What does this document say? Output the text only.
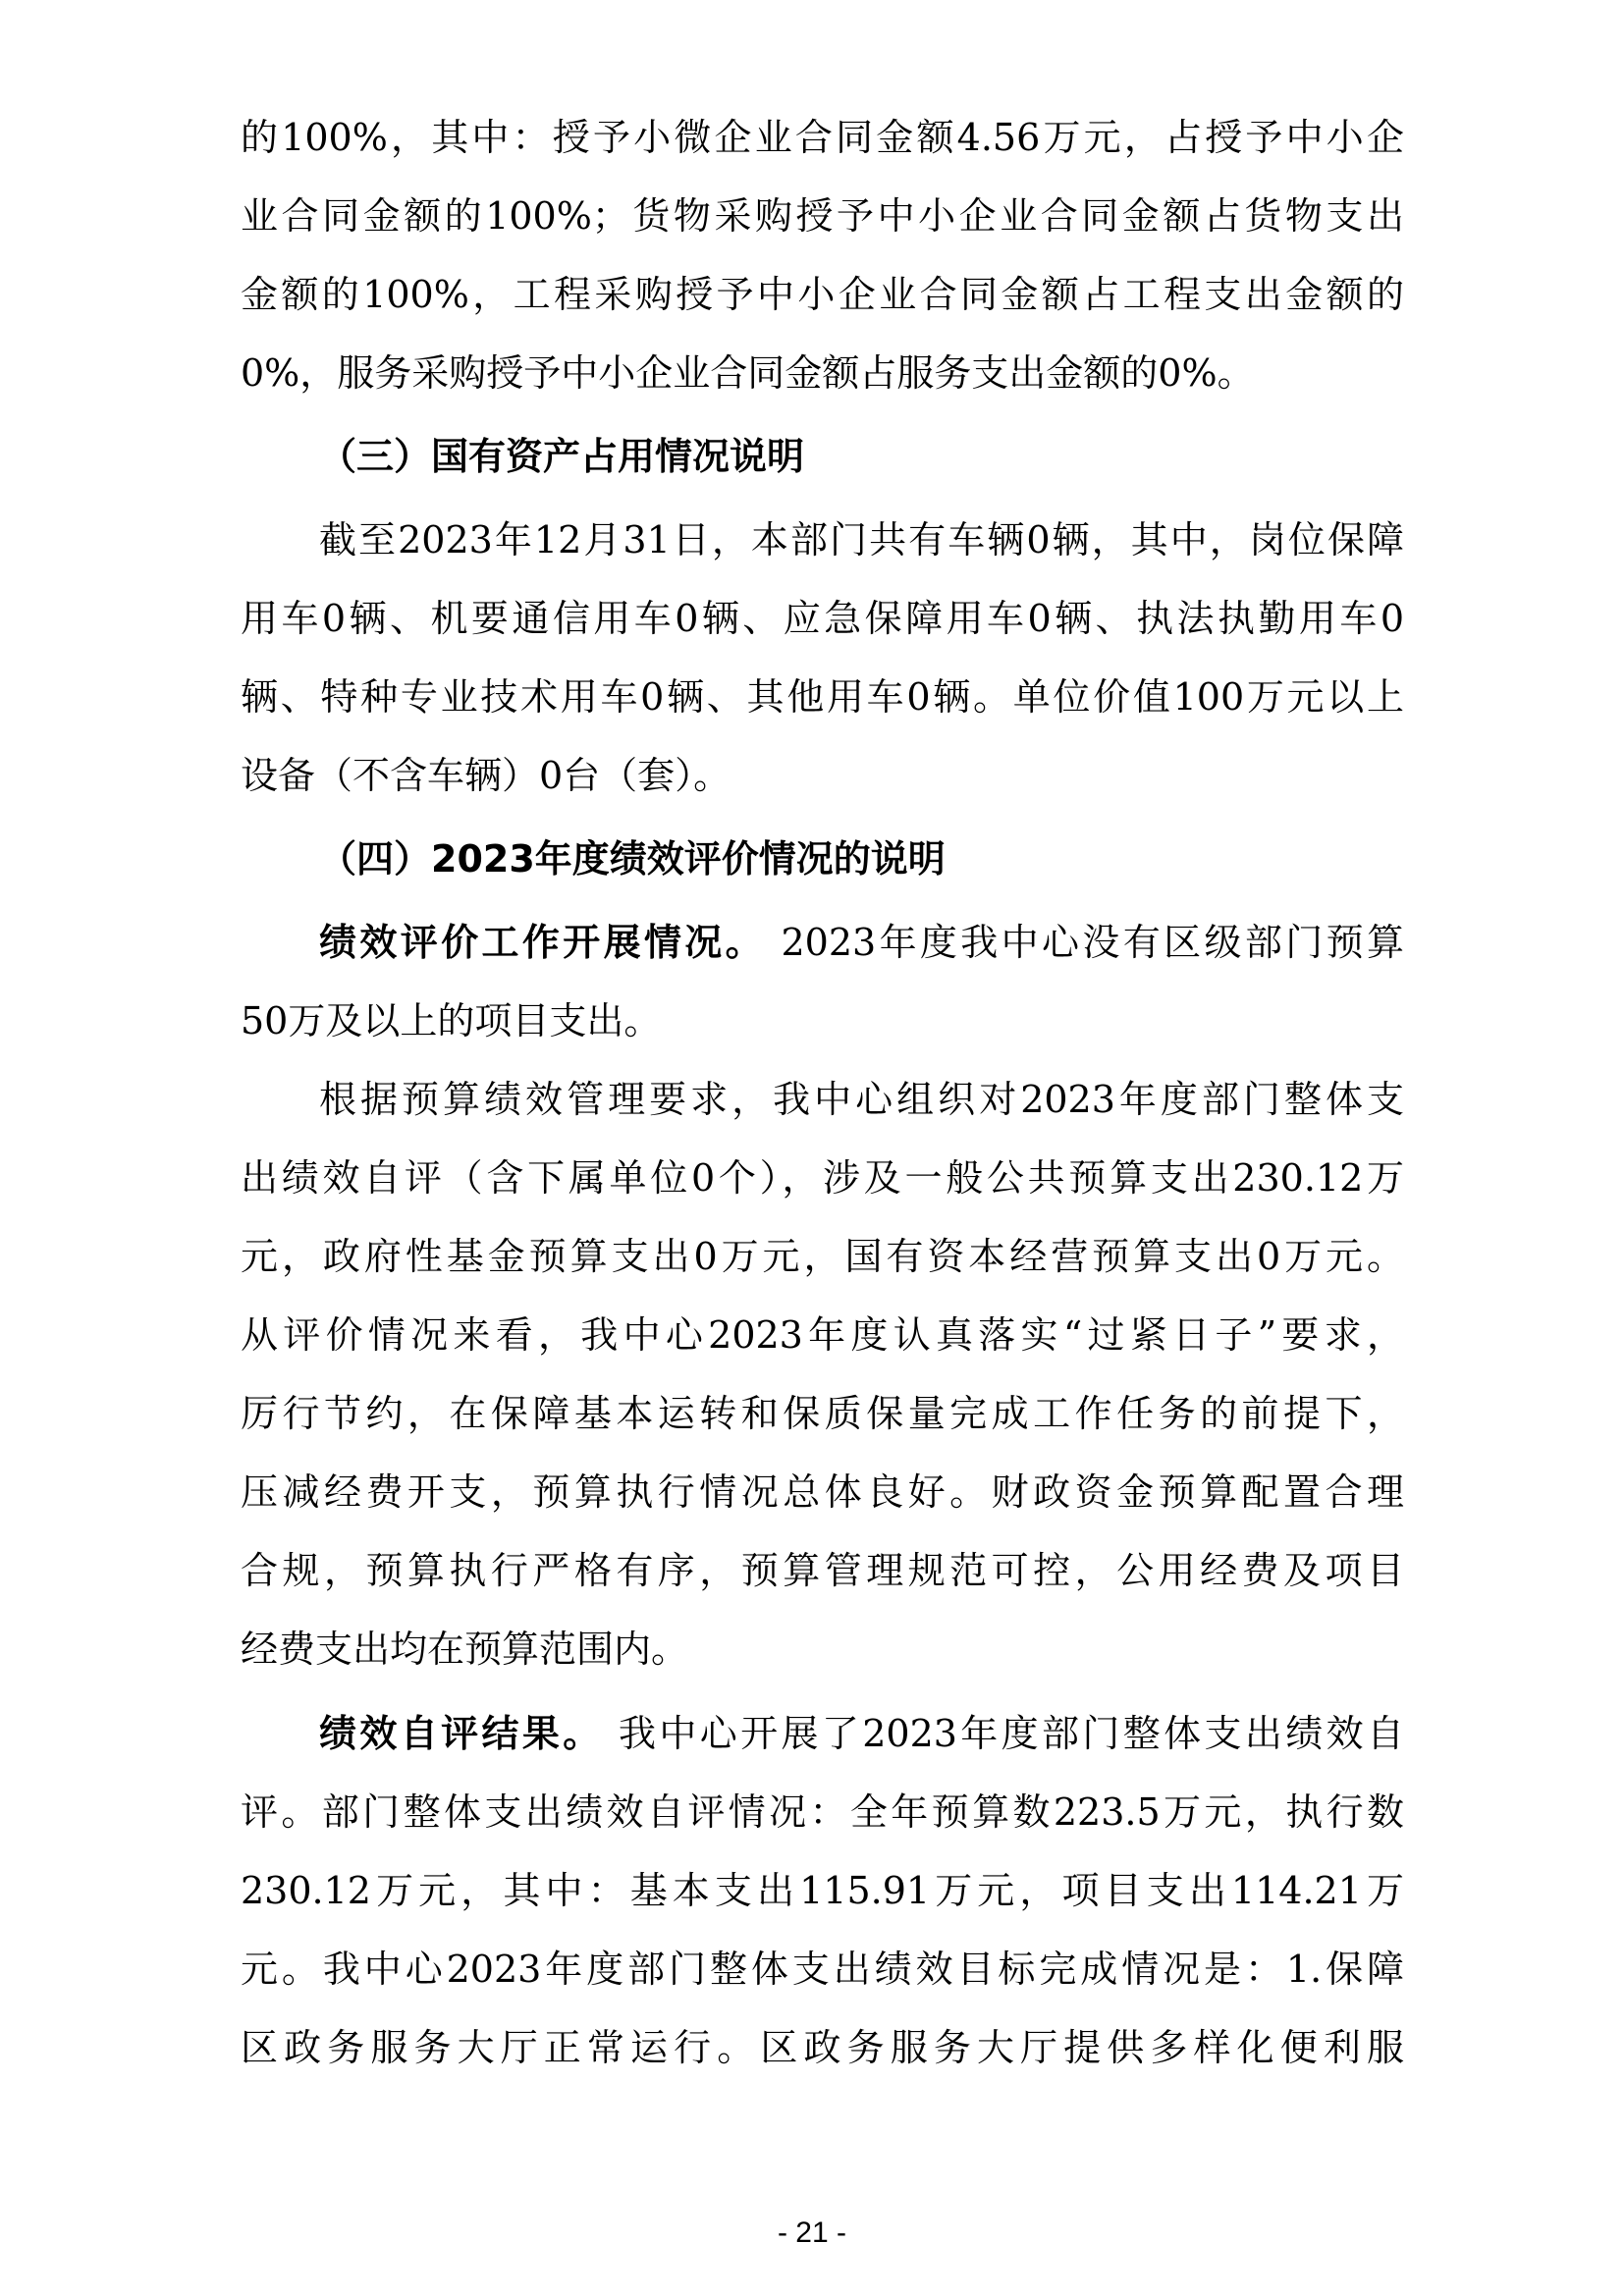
的100%，其中：授予小微企业合同金额4.56万元，占授予中小企
业合同金额的100%；货物采购授予中小企业合同金额占货物支出
金额的100%，工程采购授予中小企业合同金额占工程支出金额的
0%，服务采购授予中小企业合同金额占服务支出金额的0%。
（三）国有资产占用情况说明
截至2023年12月31日，本部门共有车辆0辆，其中，岗位保障
用车0辆、机要通信用车0辆、应急保障用车0辆、执法执勤用车0
辆、特种专业技术用车0辆、其他用车0辆。单位价值100万元以上
设备（不含车辆）0台（套）。
（四）2023年度绩效评价情况的说明
绩效评价工作开展情况。 2023年度我中心没有区级部门预算
50万及以上的项目支出。
根据预算绩效管理要求，我中心组织对2023年度部门整体支
出绩效自评（含下属单位0个），涉及一般公共预算支出230.12万
元，政府性基金预算支出0万元，国有资本经营预算支出0万元。
从评价情况来看，我中心2023年度认真落实“过紧日子”要求，
厉行节约，在保障基本运转和保质保量完成工作任务的前提下，
压减经费开支，预算执行情况总体良好。财政资金预算配置合理
合规，预算执行严格有序，预算管理规范可控，公用经费及项目
经费支出均在预算范围内。
绩效自评结果。 我中心开展了2023年度部门整体支出绩效自
评。部门整体支出绩效自评情况：全年预算数223.5万元，执行数
230.12万元，其中：基本支出115.91万元，项目支出114.21万
元。我中心2023年度部门整体支出绩效目标完成情况是：1.保障
区政务服务大厅正常运行。区政务服务大厅提供多样化便利服
- 21 -
